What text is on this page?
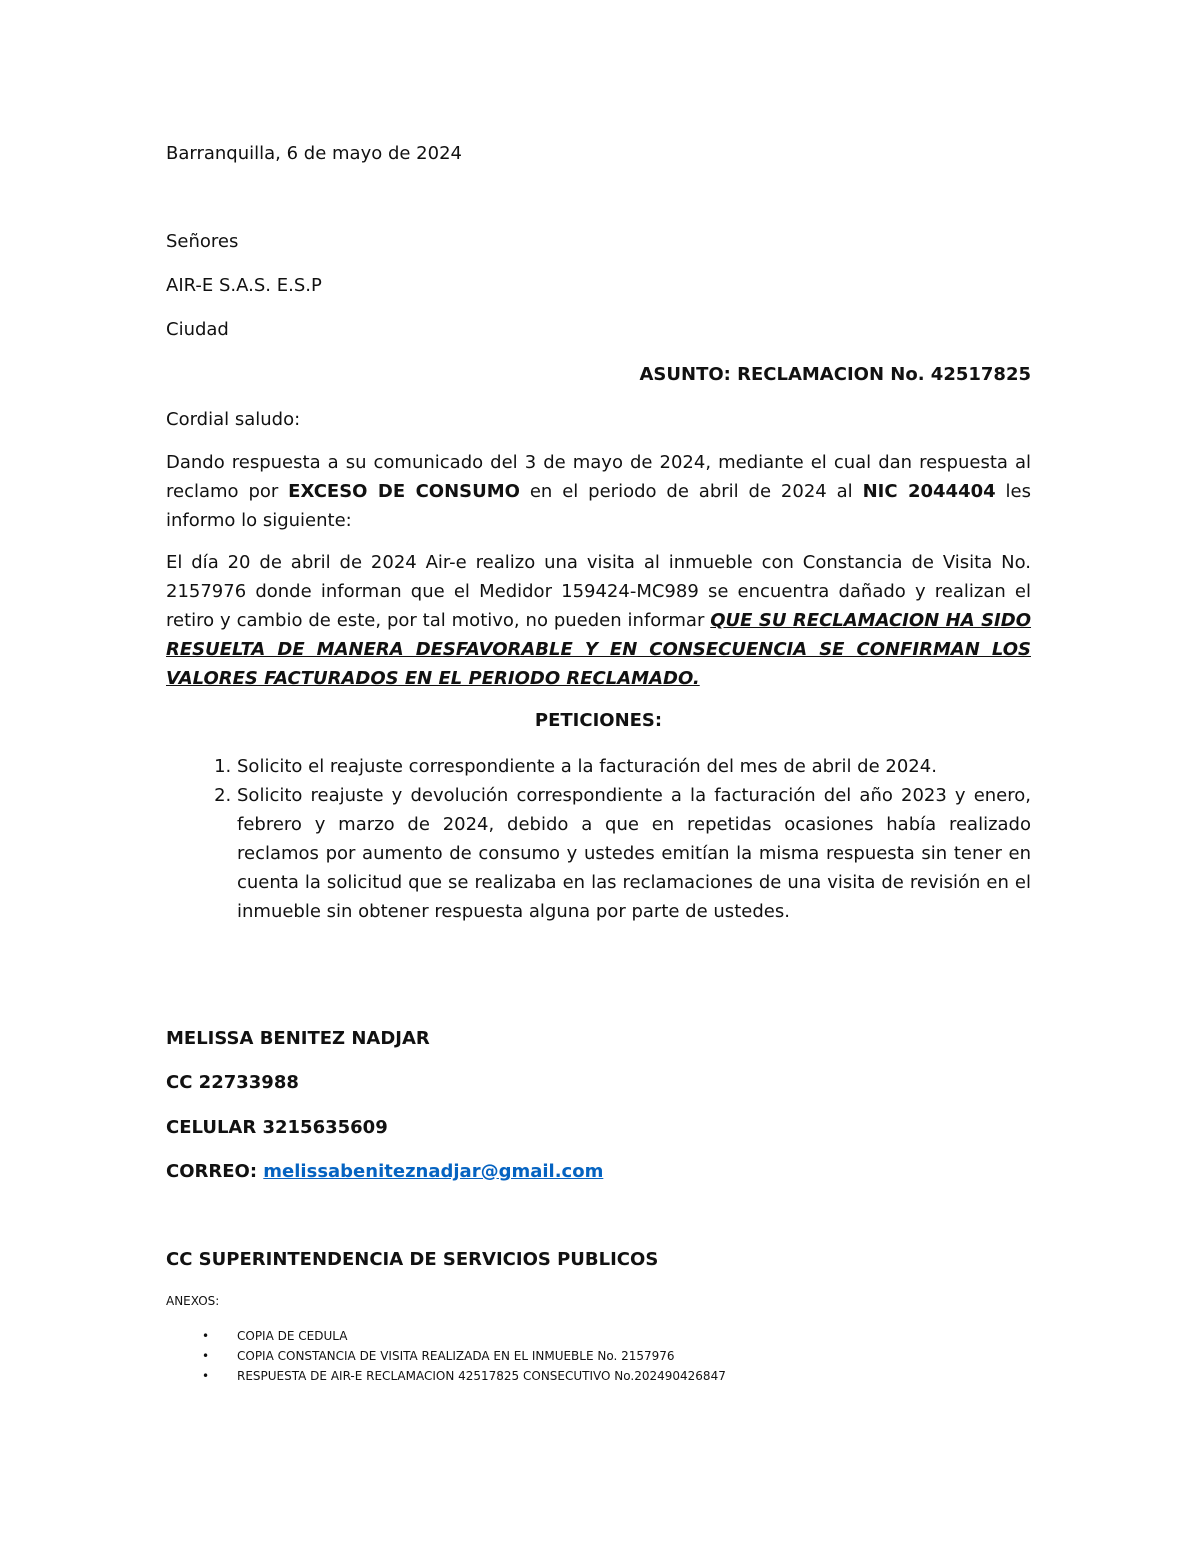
Barranquilla, 6 de mayo de 2024
Señores
AIR-E S.A.S. E.S.P
Ciudad
ASUNTO: RECLAMACION No. 42517825
Cordial saludo:
Dando respuesta a su comunicado del 3 de mayo de 2024, mediante el cual dan respuesta al reclamo por EXCESO DE CONSUMO en el periodo de abril de 2024 al NIC 2044404 les informo lo siguiente:
El día 20 de abril de 2024 Air-e realizo una visita al inmueble con Constancia de Visita No. 2157976 donde informan que el Medidor 159424-MC989 se encuentra dañado y realizan el retiro y cambio de este, por tal motivo, no pueden informar QUE SU RECLAMACION HA SIDO RESUELTA DE MANERA DESFAVORABLE Y EN CONSECUENCIA SE CONFIRMAN LOS VALORES FACTURADOS EN EL PERIODO RECLAMADO.
PETICIONES:
1. Solicito el reajuste correspondiente a la facturación del mes de abril de 2024.
2. Solicito reajuste y devolución correspondiente a la facturación del año 2023 y enero, febrero y marzo de 2024, debido a que en repetidas ocasiones había realizado reclamos por aumento de consumo y ustedes emitían la misma respuesta sin tener en cuenta la solicitud que se realizaba en las reclamaciones de una visita de revisión en el inmueble sin obtener respuesta alguna por parte de ustedes.
MELISSA BENITEZ NADJAR
CC 22733988
CELULAR 3215635609
CORREO: melissabeniteznadjar@gmail.com
CC SUPERINTENDENCIA DE SERVICIOS PUBLICOS
ANEXOS:
• COPIA DE CEDULA
• COPIA CONSTANCIA DE VISITA REALIZADA EN EL INMUEBLE No. 2157976
• RESPUESTA DE AIR-E RECLAMACION 42517825 CONSECUTIVO No.202490426847
